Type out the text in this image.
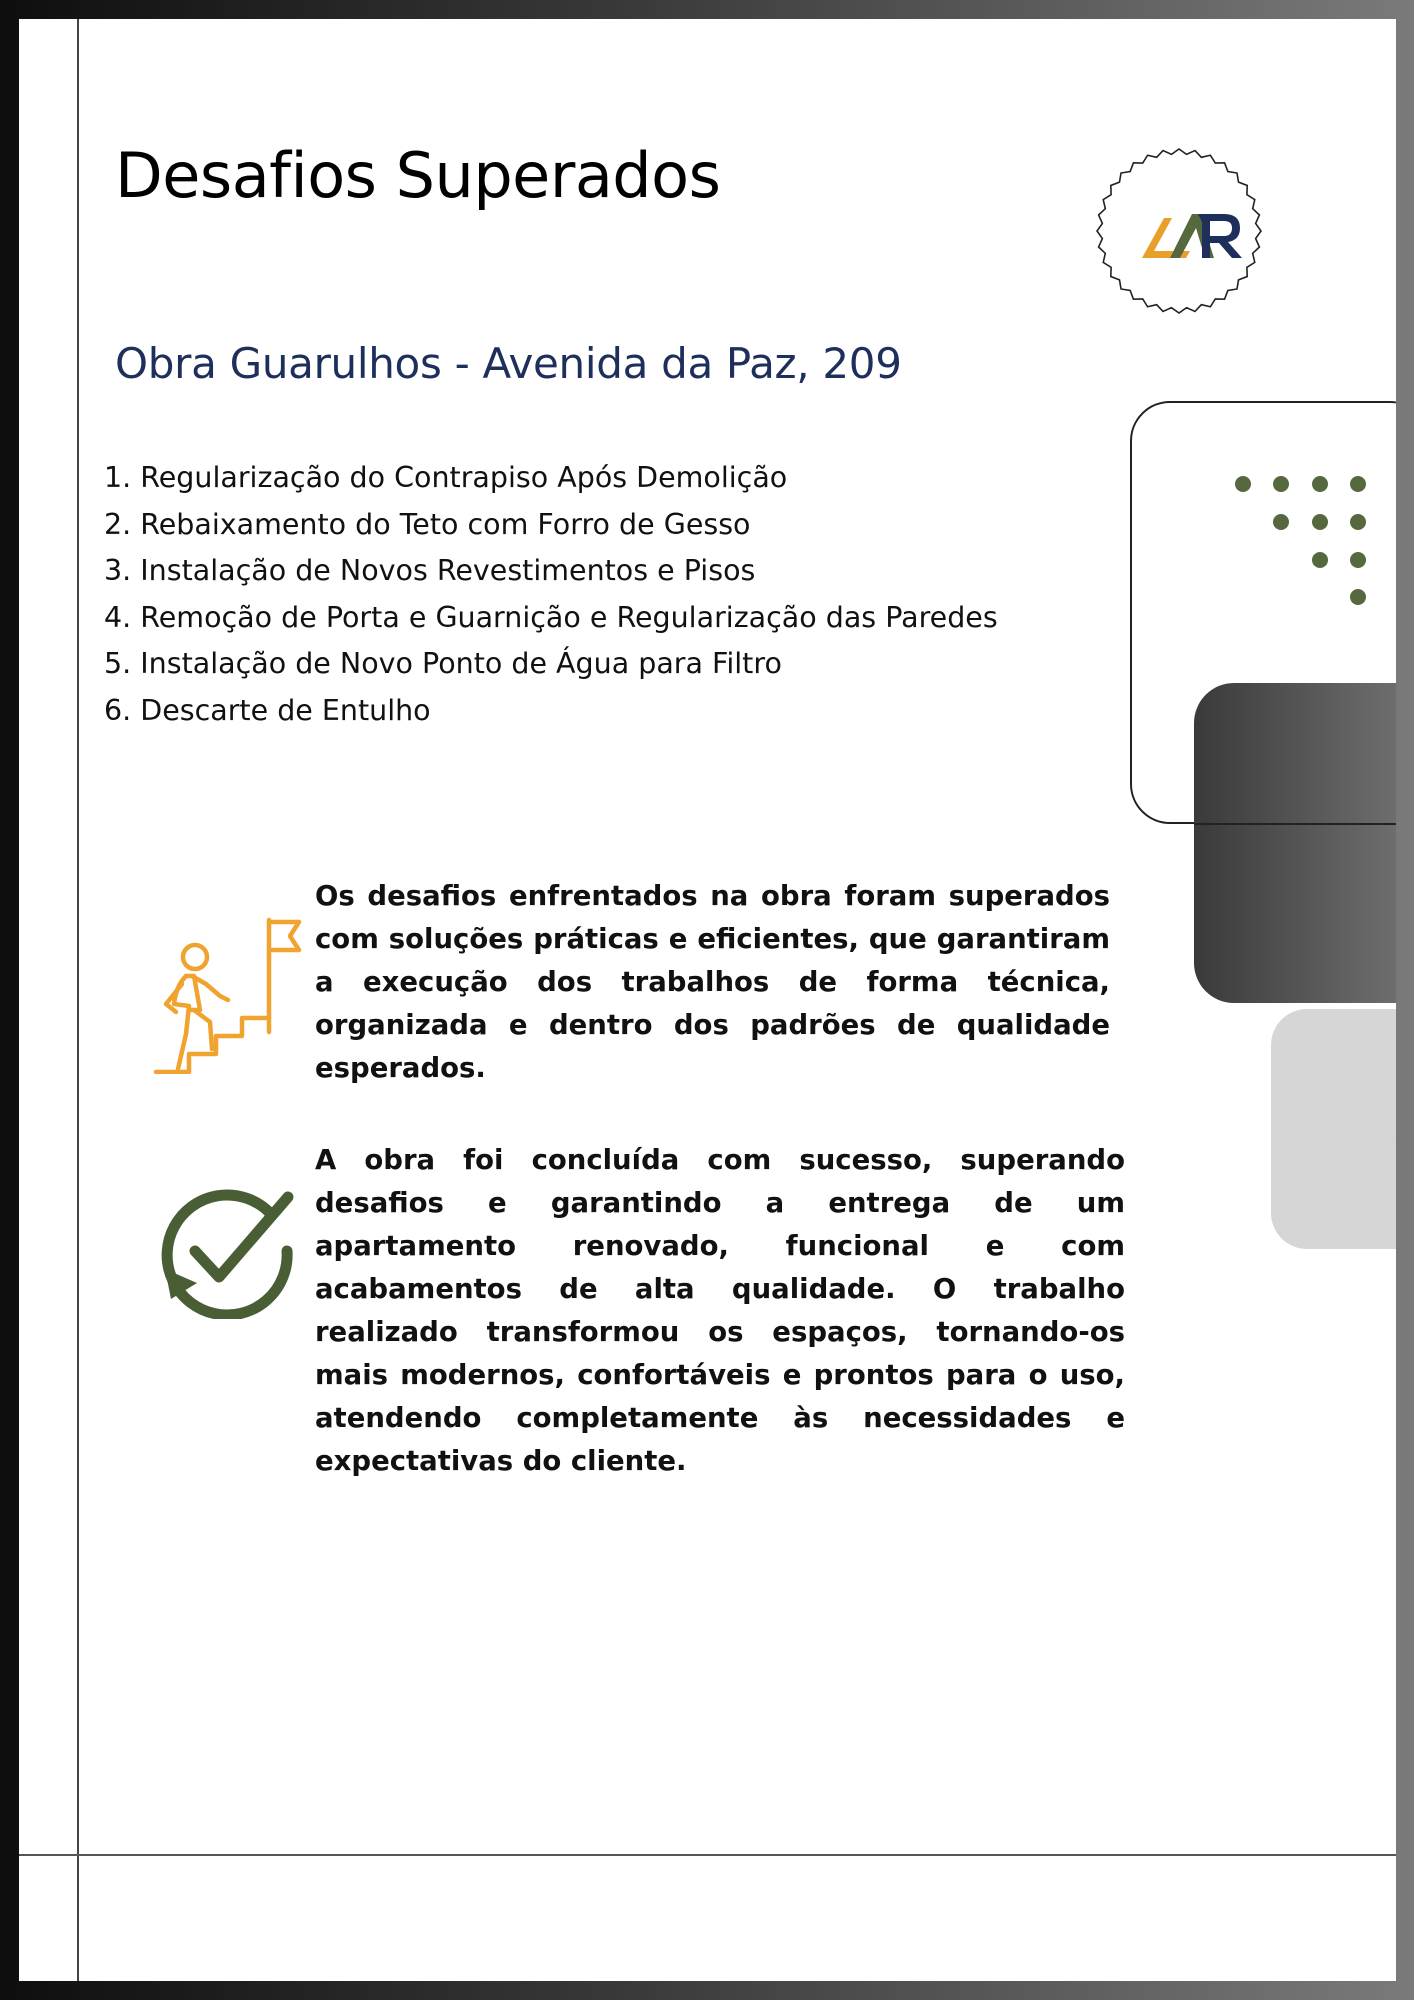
Desafios Superados
Obra Guarulhos - Avenida da Paz, 209
1. Regularização do Contrapiso Após Demolição
2. Rebaixamento do Teto com Forro de Gesso
3. Instalação de Novos Revestimentos e Pisos
4. Remoção de Porta e Guarnição e Regularização das Paredes
5. Instalação de Novo Ponto de Água para Filtro
6. Descarte de Entulho

Os desafios enfrentados na obra foram superados com soluções práticas e eficientes, que garantiram a execução dos trabalhos de forma técnica, organizada e dentro dos padrões de qualidade esperados.

A obra foi concluída com sucesso, superando desafios e garantindo a entrega de um apartamento renovado, funcional e com acabamentos de alta qualidade. O trabalho realizado transformou os espaços, tornando-os mais modernos, confortáveis e prontos para o uso, atendendo completamente às necessidades e expectativas do cliente.
